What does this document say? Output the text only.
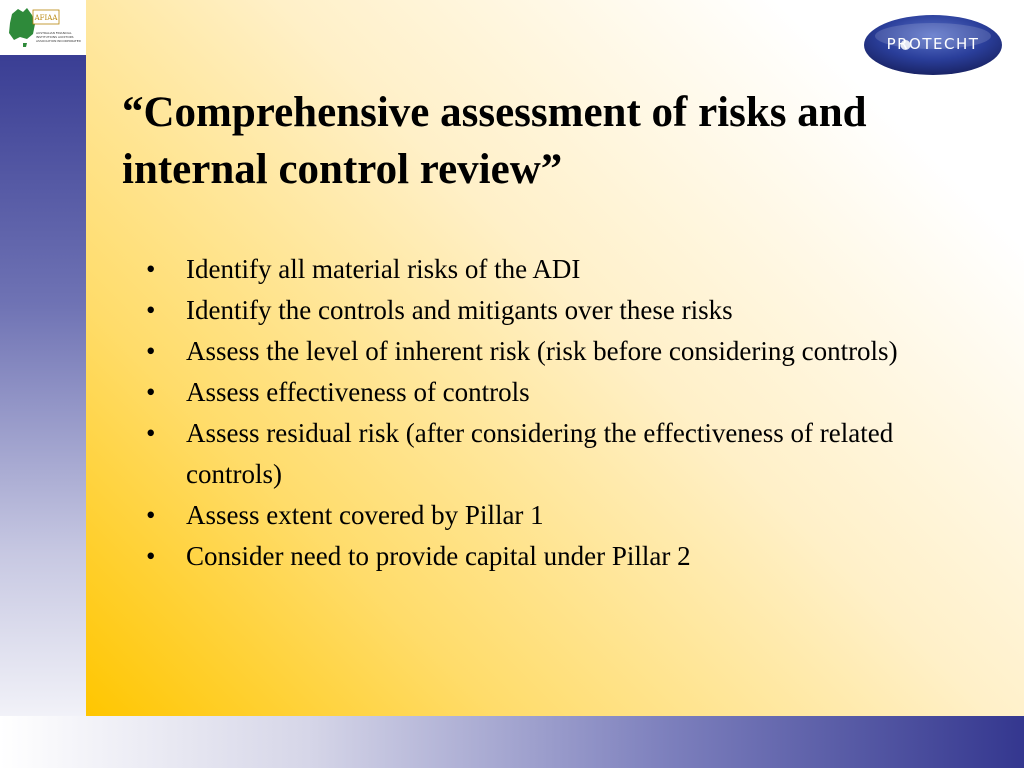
AFIAA
AUSTRALIAN FINANCIAL
INSTITUTIONS AUDITORS
ASSOCIATION INCORPORATED	PROTECHT
“Comprehensive assessment of risks and internal control review”
•	Identify all material risks of the ADI
•	Identify the controls and mitigants over these risks
•	Assess the level of inherent risk (risk before considering controls)
•	Assess effectiveness of controls
•	Assess residual risk (after considering the effectiveness of related controls)
•	Assess extent covered by Pillar 1
•	Consider need to provide capital under Pillar 2
